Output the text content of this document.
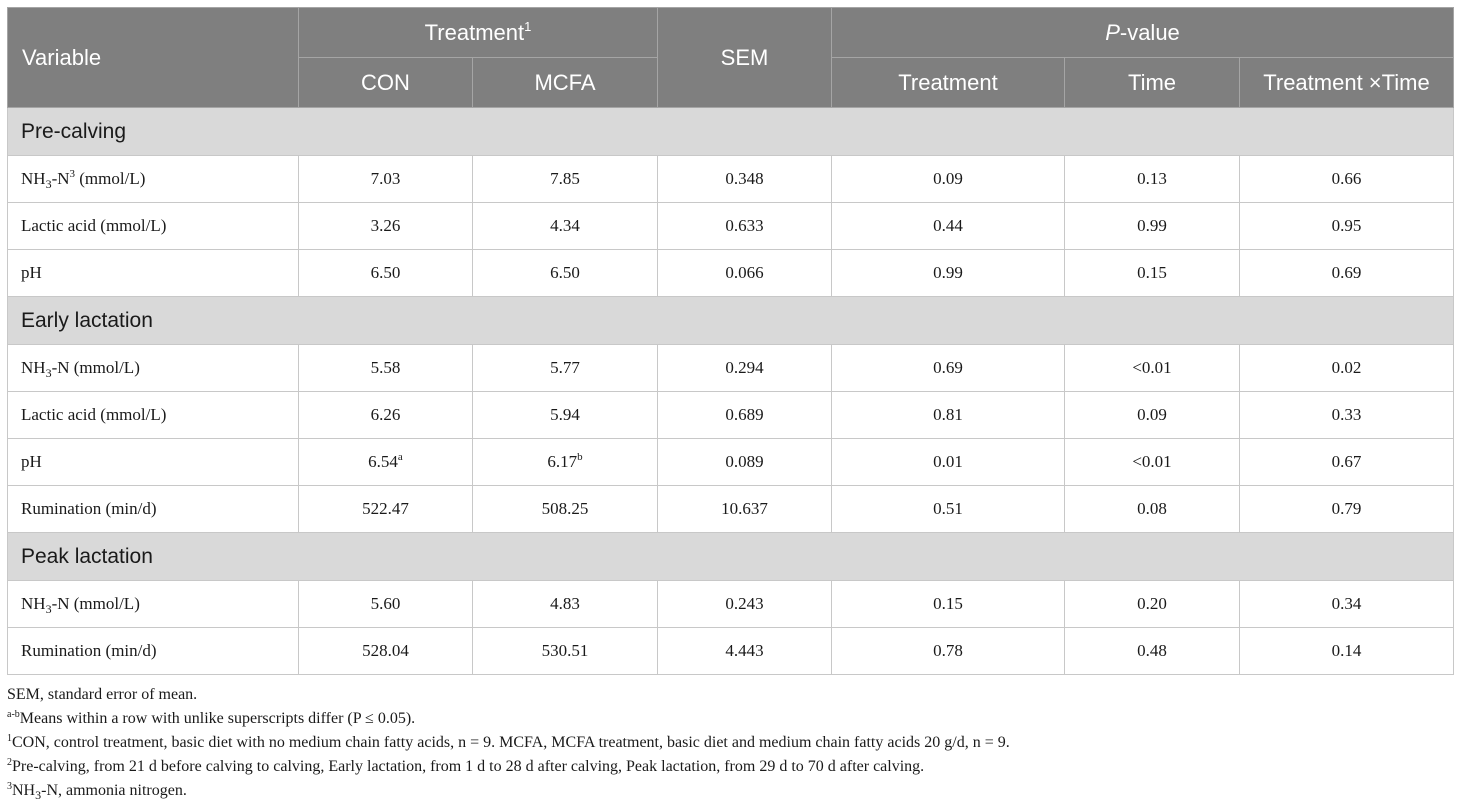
Variable	Treatment$^1$		SEM	P-value		
	CON	MCFA		Treatment	Time	Treatment ×Time
Pre-calving						
$NH_3-N^3$ (mmol/L)	7.03	7.85	0.348	0.09	0.13	0.66
Lactic acid (mmol/L)	3.26	4.34	0.633	0.44	0.99	0.95
pH	6.50	6.50	0.066	0.99	0.15	0.69
Early lactation						
$NH_3-N$ (mmol/L)	5.58	5.77	0.294	0.69	<0.01	0.02
Lactic acid (mmol/L)	6.26	5.94	0.689	0.81	0.09	0.33
pH	6.54$^a$	6.17$^b$	0.089	0.01	<0.01	0.67
Rumination (min/d)	522.47	508.25	10.637	0.51	0.08	0.79
Peak lactation						
$NH_3-N$ (mmol/L)	5.60	4.83	0.243	0.15	0.20	0.34
Rumination (min/d)	528.04	530.51	4.443	0.78	0.48	0.14
SEM, standard error of mean.
$^{a-b}$Means within a row with unlike superscripts differ (P ≤ 0.05).
$^1$CON, control treatment, basic diet with no medium chain fatty acids, n = 9. MCFA, MCFA treatment, basic diet and medium chain fatty acids 20 g/d, n = 9.
$^2$Pre-calving, from 21 d before calving to calving, Early lactation, from 1 d to 28 d after calving, Peak lactation, from 29 d to 70 d after calving.
$^3NH_3-N$, ammonia nitrogen.
